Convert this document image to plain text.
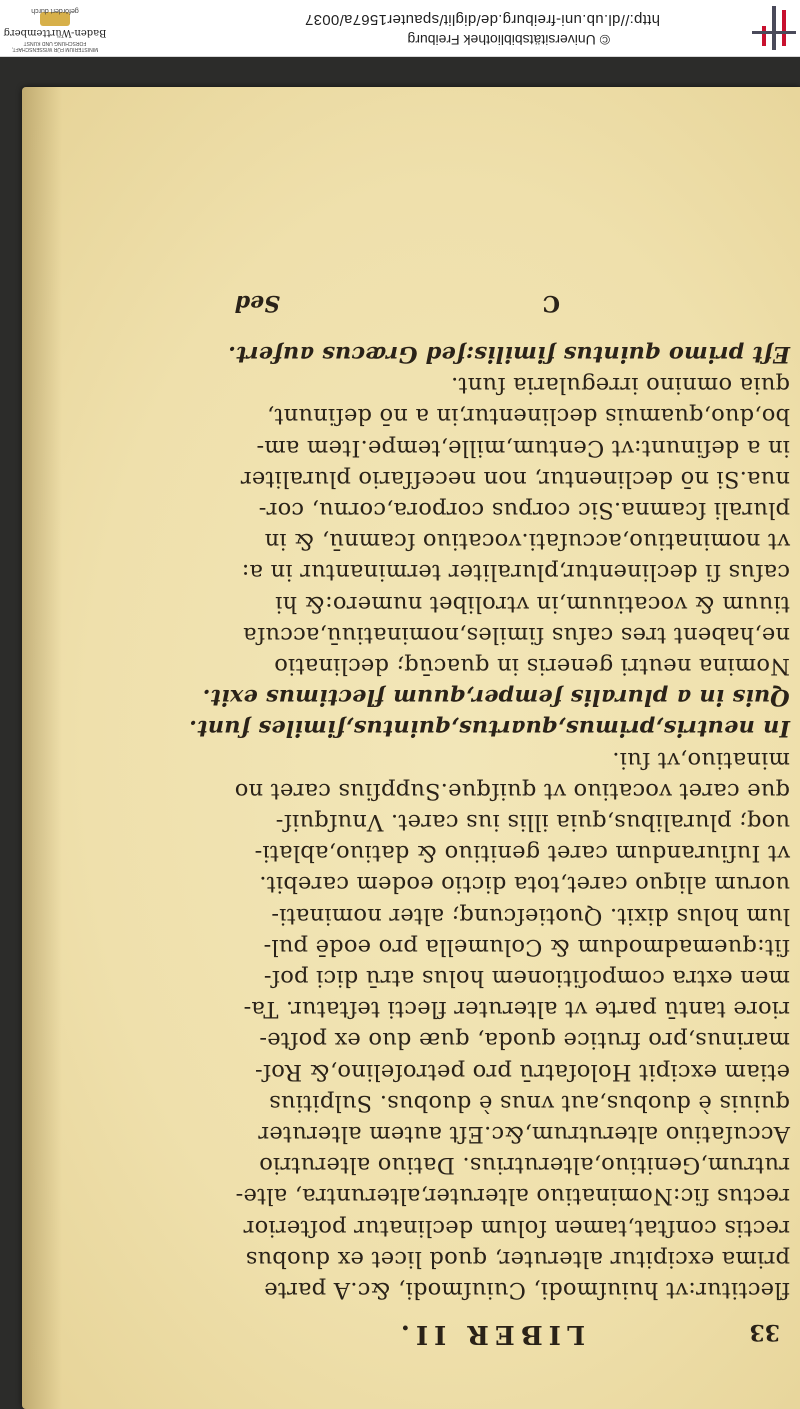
© Universitätsbibliothek Freiburg
http://dl.ub.uni-freiburg.de/diglit/spauter1567a/0037
MINISTERIUM FÜR WISSENSCHAFT, FORSCHUNG UND KUNST
Baden-Württemberg
gefördert durch
LIBER II.	33
flectitur:vt huiuſmodi, Cuiuſmodi, &c.A parte
prima excipitur alteruter, quod licet ex duobus
rectis conſtat,tamen ſolum declinatur poſterior
rectus ſic:Nominatiuo alteruter,alteruntra, alte-
rutrum,Genitiuo,alterutrius. Datiuo alterutrio
Accuſatiuo alterutrum,&c.Eſt autem alteruter
quiuis è duobus,aut vnus è duobus. Sulpitius
etiam excipit Holoſatrū pro petroſelino,& Roſ-
marinus,pro frutice quoda, quæ duo ex poſte-
riore tantū parte vt alteruter flecti teſtatur. Ta-
men extra compoſitionem holus atrū dici poſ-
ſit:quemadmodum & Columella pro eodē pul-
lum holus dixit. Quotieſcunq; alter nominati-
uorum aliquo caret,tota dictio eodem carebit.
vt Iuſiurandum caret genitiuo & datiuo,ablati-
uoq; pluralibus,quia illis ius caret. Vnuſquiſ-
que caret vocatiuo vt quiſque.Suppſius caret no
minatiuo,vt ſui.
In neutris,primus,quartus,quintus,ſimiles ſunt.
Quis in a pluralis ſemper,quum flectimus exit.
Nomina neutri generis in quacūq; declinatio
ne,habent tres caſus ſimiles,nominatiuū,accuſa
tiuum & vocatiuum,in vtrolibet numero:& hi
caſus ſi declinentur,pluraliter terminantur in a:
vt nominatiuo,accuſati.vocatiuo ſcamnū, & in
plurali ſcamna.Sic corpus corpora,cornu, cor-
nua.Si nō declinentur, non neceſſario pluraliter
in a deſinunt:vt Centum,mille,tempe.Item am-
bo,duo,quamuis declinentur,in a nō deſinunt,
quia omnino irregularia ſunt.
Eſt primo quintus ſimilis:ſed Græcus aufert.
C
Sed
